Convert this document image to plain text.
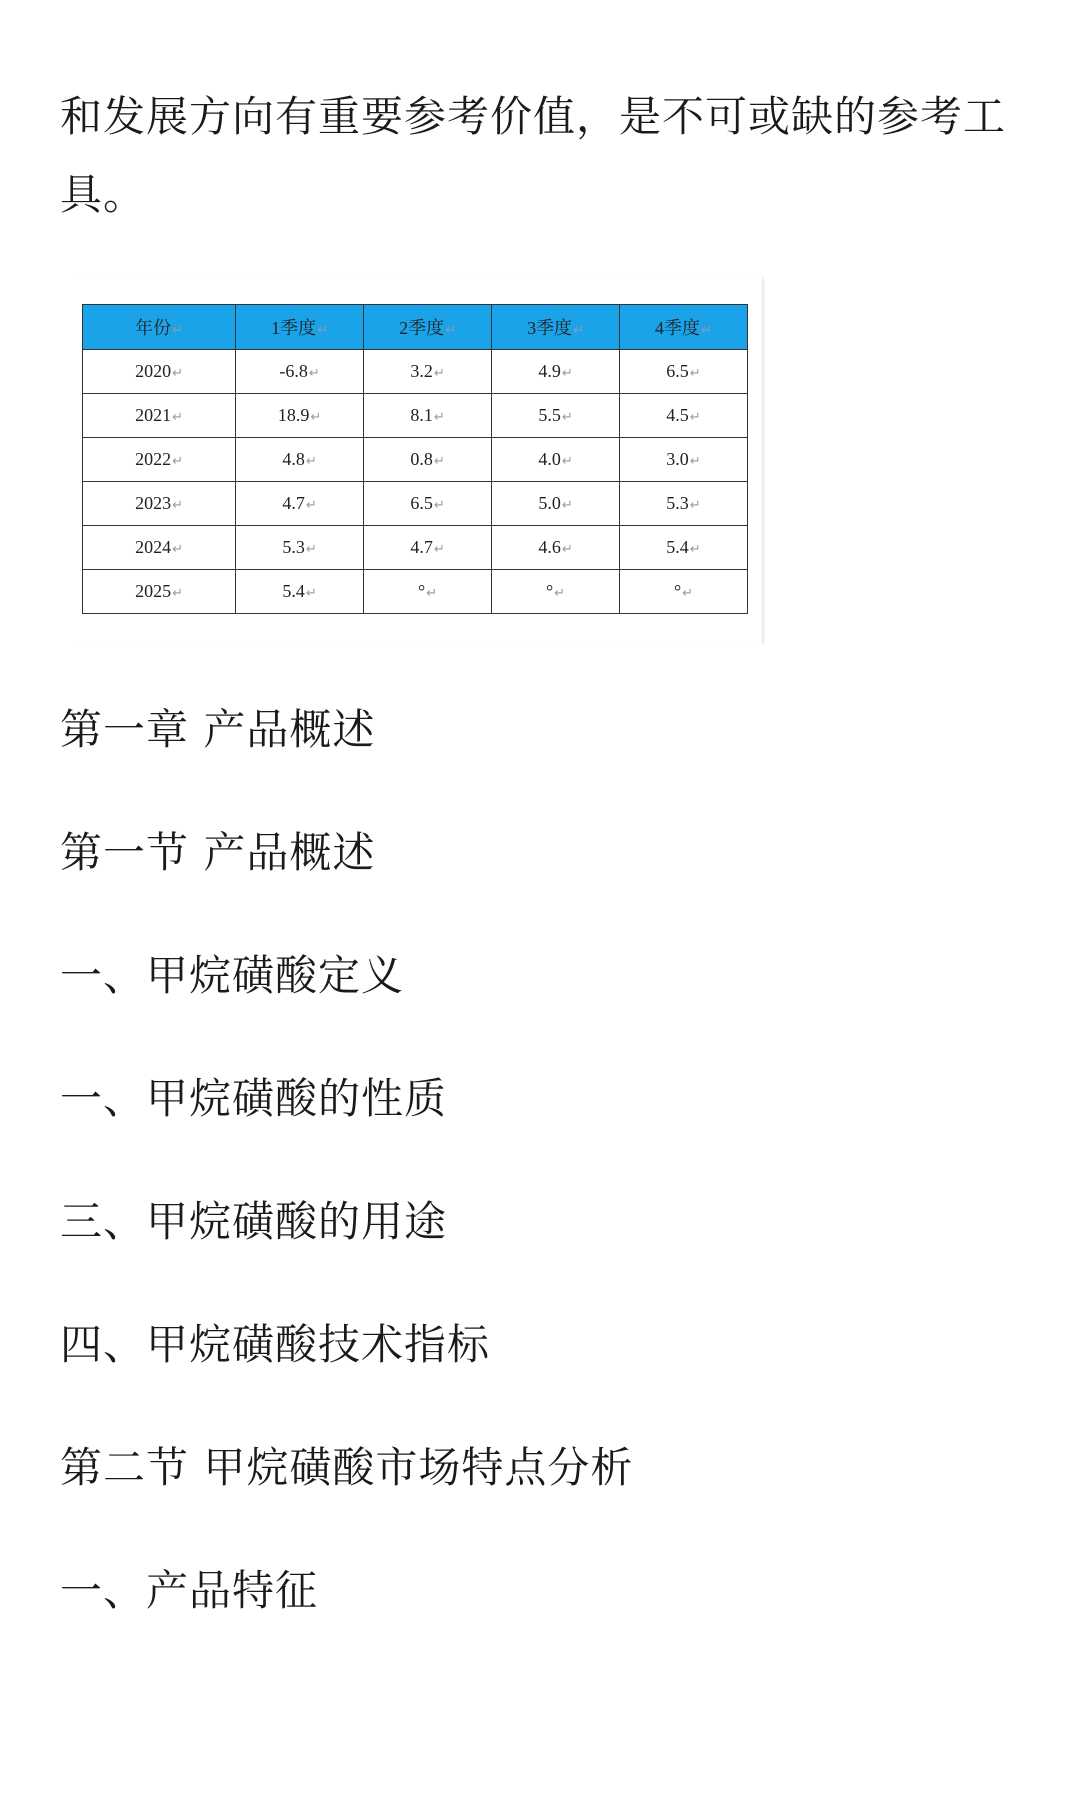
和发展方向有重要参考价值，是不可或缺的参考工具。

年份↵	1季度↵	2季度↵	3季度↵	4季度↵
2020↵	-6.8↵	3.2↵	4.9↵	6.5↵
2021↵	18.9↵	8.1↵	5.5↵	4.5↵
2022↵	4.8↵	0.8↵	4.0↵	3.0↵
2023↵	4.7↵	6.5↵	5.0↵	5.3↵
2024↵	5.3↵	4.7↵	4.6↵	5.4↵
2025↵	5.4↵	°↵	°↵	°↵

第一章 产品概述

第一节 产品概述

一、甲烷磺酸定义

一、甲烷磺酸的性质

三、甲烷磺酸的用途

四、甲烷磺酸技术指标

第二节 甲烷磺酸市场特点分析

一、产品特征
